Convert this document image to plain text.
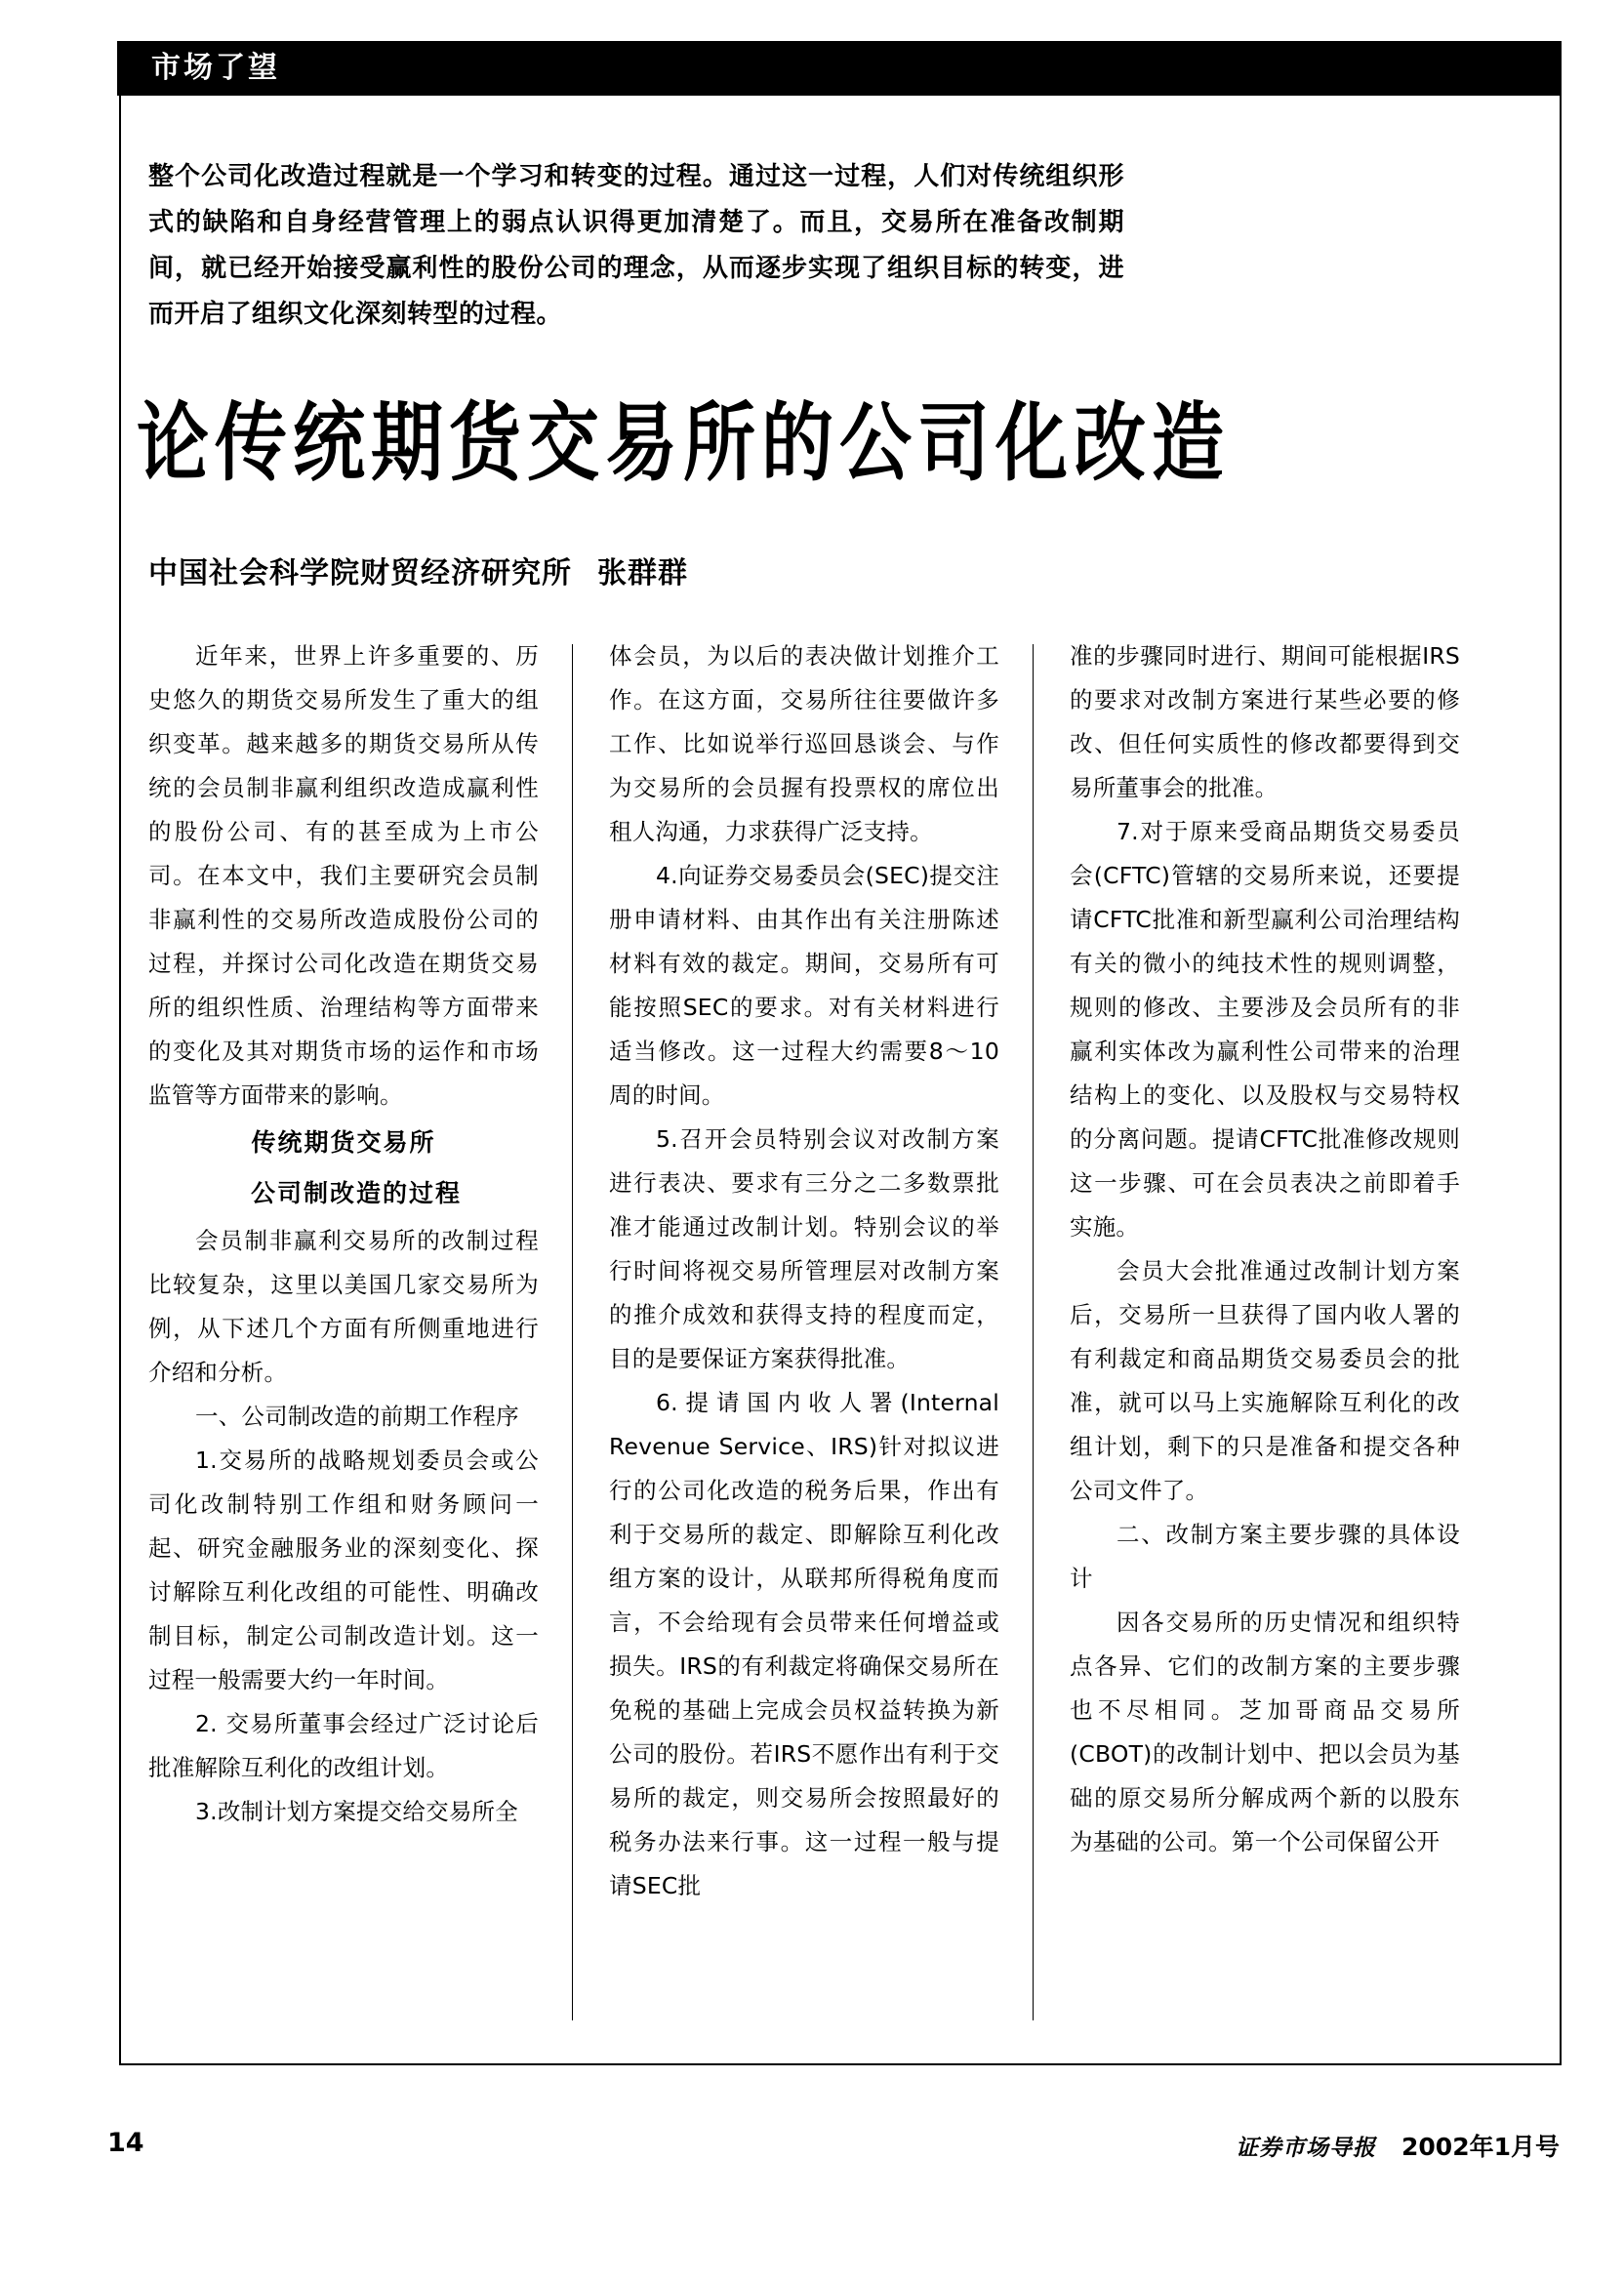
市场了望

整个公司化改造过程就是一个学习和转变的过程。通过这一过程，人们对传统组织形式的缺陷和自身经营管理上的弱点认识得更加清楚了。而且，交易所在准备改制期间，就已经开始接受赢利性的股份公司的理念，从而逐步实现了组织目标的转变，进而开启了组织文化深刻转型的过程。

论传统期货交易所的公司化改造
中国社会科学院财贸经济研究所 张群群

近年来，世界上许多重要的、历史悠久的期货交易所发生了重大的组织变革。越来越多的期货交易所从传统的会员制非赢利组织改造成赢利性的股份公司、有的甚至成为上市公司。在本文中，我们主要研究会员制非赢利性的交易所改造成股份公司的过程，并探讨公司化改造在期货交易所的组织性质、治理结构等方面带来的变化及其对期货市场的运作和市场监管等方面带来的影响。

传统期货交易所
公司制改造的过程

会员制非赢利交易所的改制过程比较复杂，这里以美国几家交易所为例，从下述几个方面有所侧重地进行介绍和分析。

一、公司制改造的前期工作程序

1.交易所的战略规划委员会或公司化改制特别工作组和财务顾问一起、研究金融服务业的深刻变化、探讨解除互利化改组的可能性、明确改制目标，制定公司制改造计划。这一过程一般需要大约一年时间。

2. 交易所董事会经过广泛讨论后批准解除互利化的改组计划。

3.改制计划方案提交给交易所全

体会员，为以后的表决做计划推介工作。在这方面，交易所往往要做许多工作、比如说举行巡回恳谈会、与作为交易所的会员握有投票权的席位出租人沟通，力求获得广泛支持。

4.向证券交易委员会(SEC)提交注册申请材料、由其作出有关注册陈述材料有效的裁定。期间，交易所有可能按照SEC的要求。对有关材料进行适当修改。这一过程大约需要8～10周的时间。

5.召开会员特别会议对改制方案进行表决、要求有三分之二多数票批准才能通过改制计划。特别会议的举行时间将视交易所管理层对改制方案的推介成效和获得支持的程度而定，目的是要保证方案获得批准。

6.提请国内收人署(Internal Revenue Service、IRS)针对拟议进行的公司化改造的税务后果，作出有利于交易所的裁定、即解除互利化改组方案的设计，从联邦所得税角度而言，不会给现有会员带来任何增益或损失。IRS的有利裁定将确保交易所在免税的基础上完成会员权益转换为新公司的股份。若IRS不愿作出有利于交易所的裁定，则交易所会按照最好的税务办法来行事。这一过程一般与提请SEC批

准的步骤同时进行、期间可能根据IRS的要求对改制方案进行某些必要的修改、但任何实质性的修改都要得到交易所董事会的批准。

7.对于原来受商品期货交易委员会(CFTC)管辖的交易所来说，还要提请CFTC批准和新型赢利公司治理结构有关的微小的纯技术性的规则调整，规则的修改、主要涉及会员所有的非赢利实体改为赢利性公司带来的治理结构上的变化、以及股权与交易特权的分离问题。提请CFTC批准修改规则这一步骤、可在会员表决之前即着手实施。

会员大会批准通过改制计划方案后，交易所一旦获得了国内收人署的有利裁定和商品期货交易委员会的批准，就可以马上实施解除互利化的改组计划，剩下的只是准备和提交各种公司文件了。

二、改制方案主要步骤的具体设计

因各交易所的历史情况和组织特点各异、它们的改制方案的主要步骤也不尽相同。芝加哥商品交易所(CBOT)的改制计划中、把以会员为基础的原交易所分解成两个新的以股东为基础的公司。第一个公司保留公开

14	证券市场导报 2002年1月号
